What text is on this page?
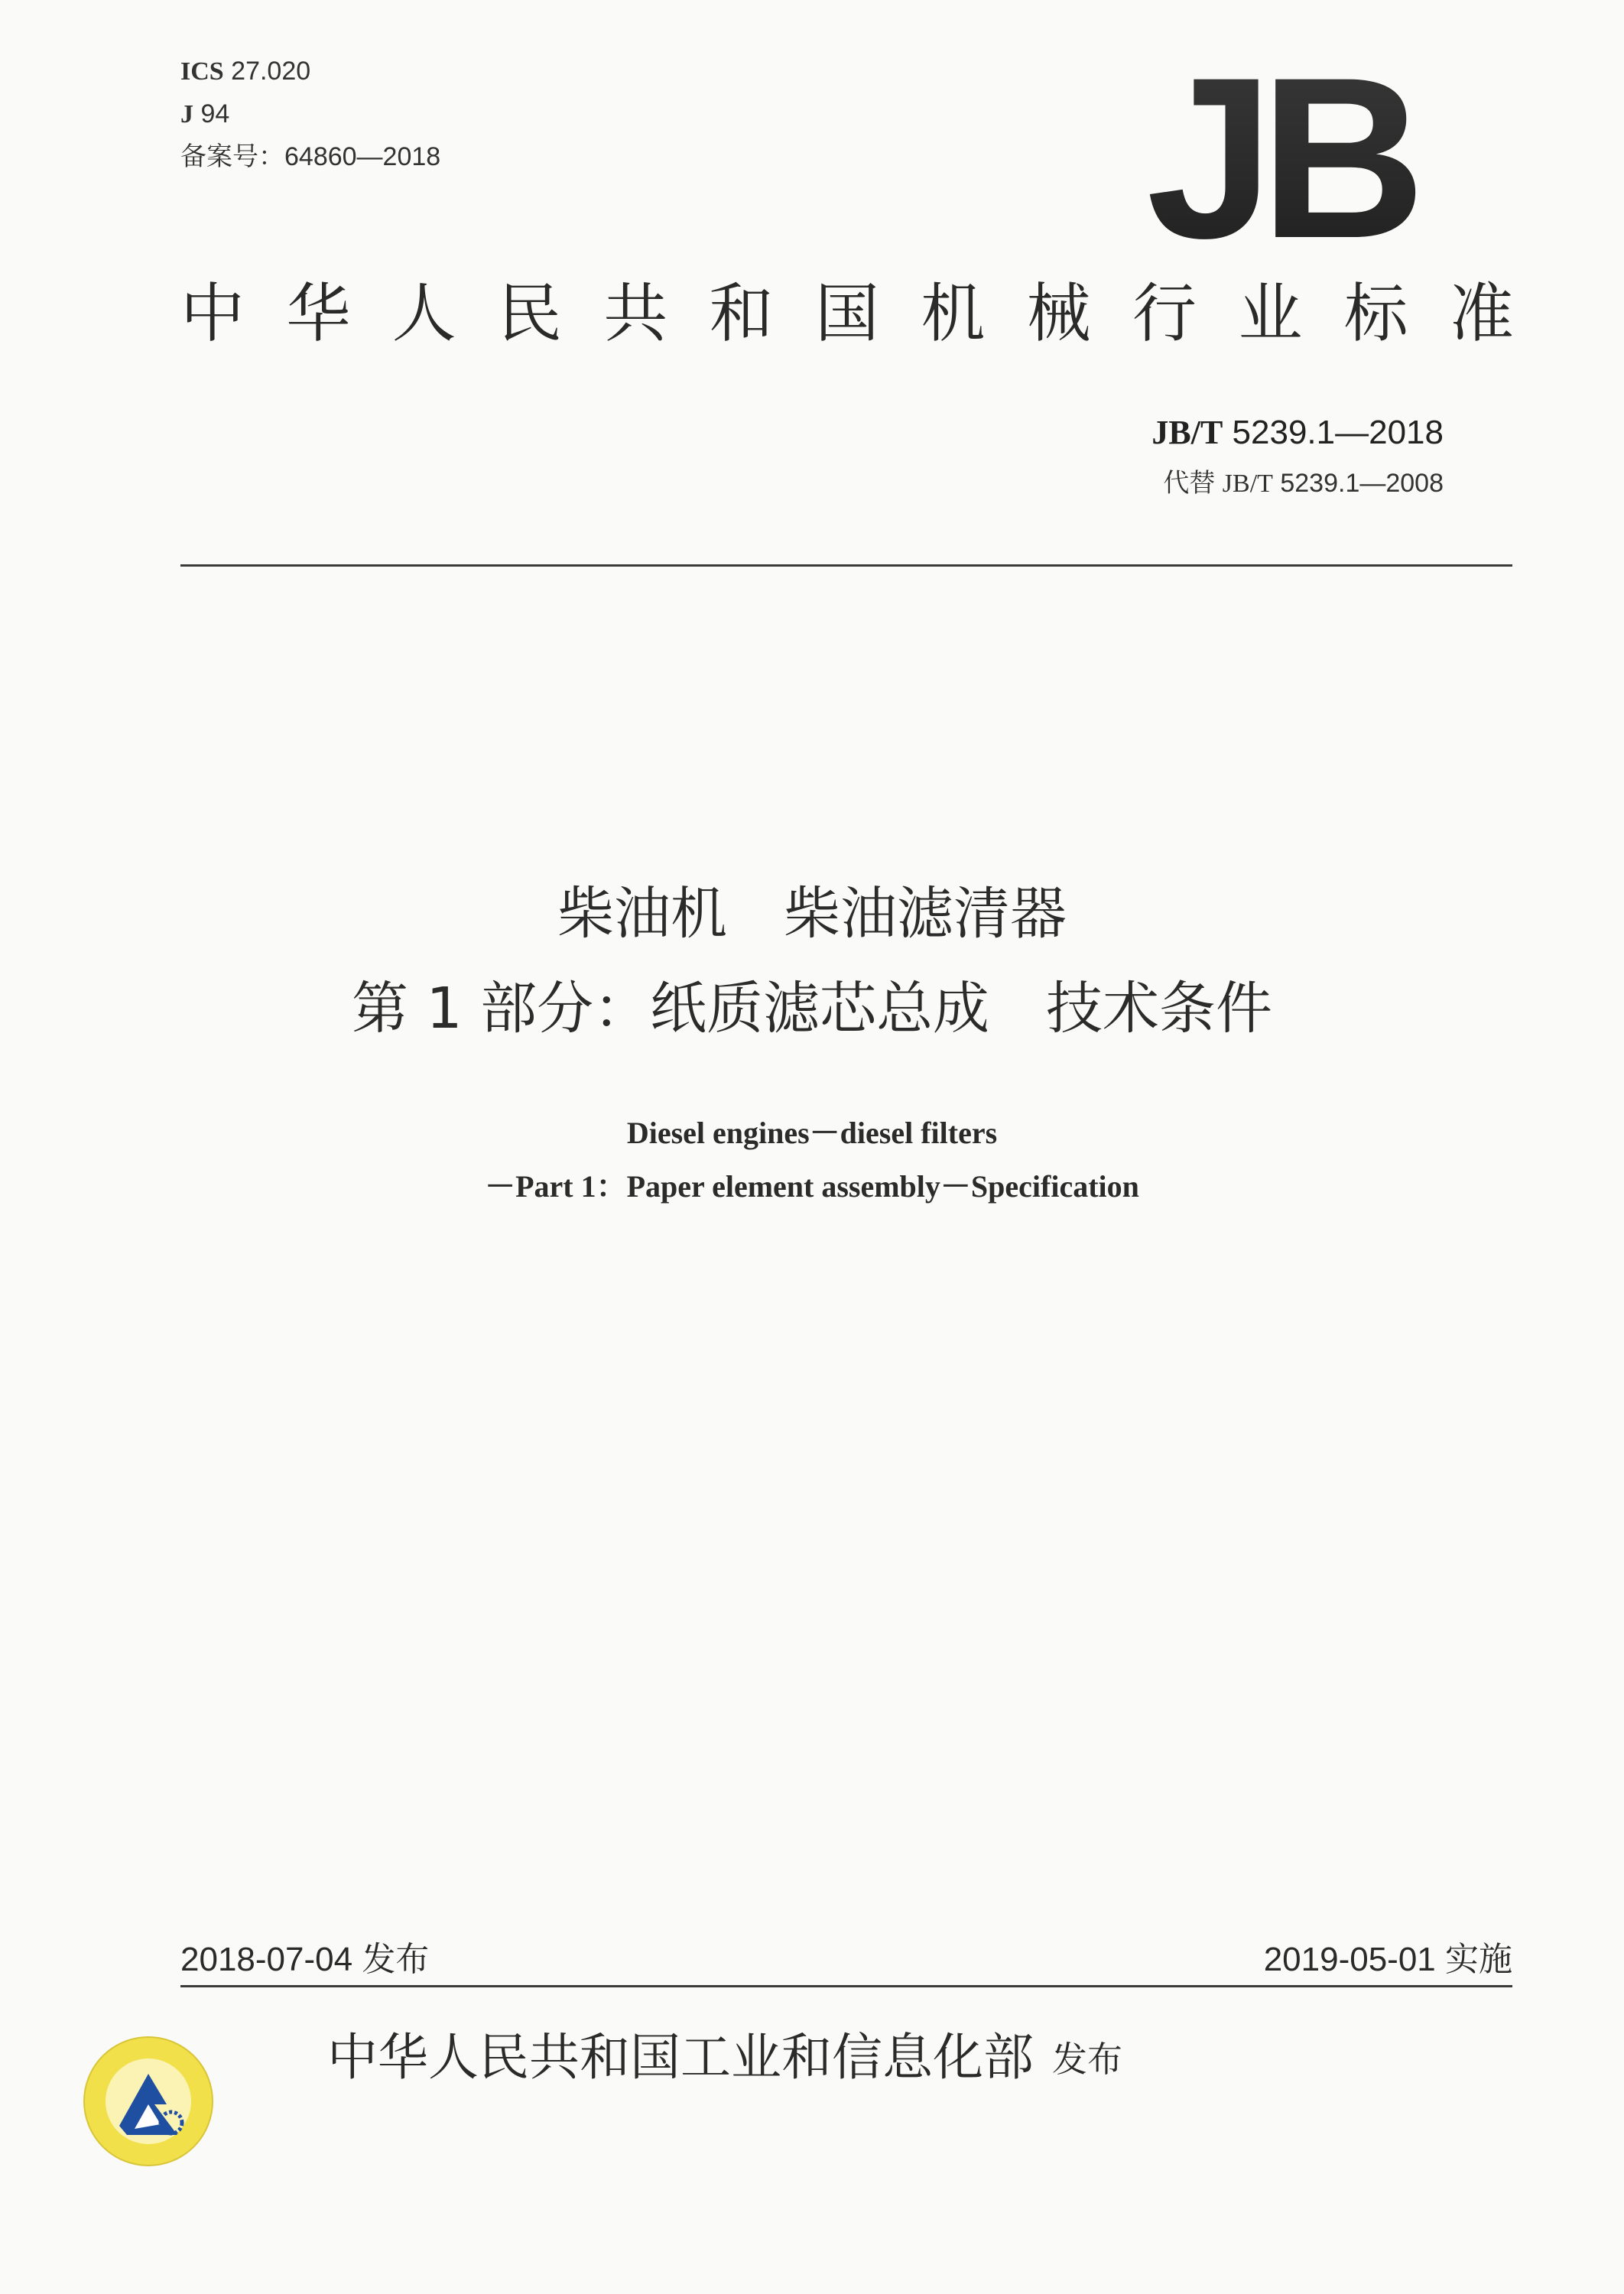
ICS 27.020
J 94
备案号：64860—2018	JB
中华人民共和国机械行业标准
JB/T 5239.1—2018
代替 JB/T 5239.1—2008
柴油机　柴油滤清器
第 1 部分：纸质滤芯总成　技术条件
Diesel engines－diesel filters
－Part 1：Paper element assembly－Specification
2018-07-04 发布	2019-05-01 实施
中华人民共和国工业和信息化部 发布
